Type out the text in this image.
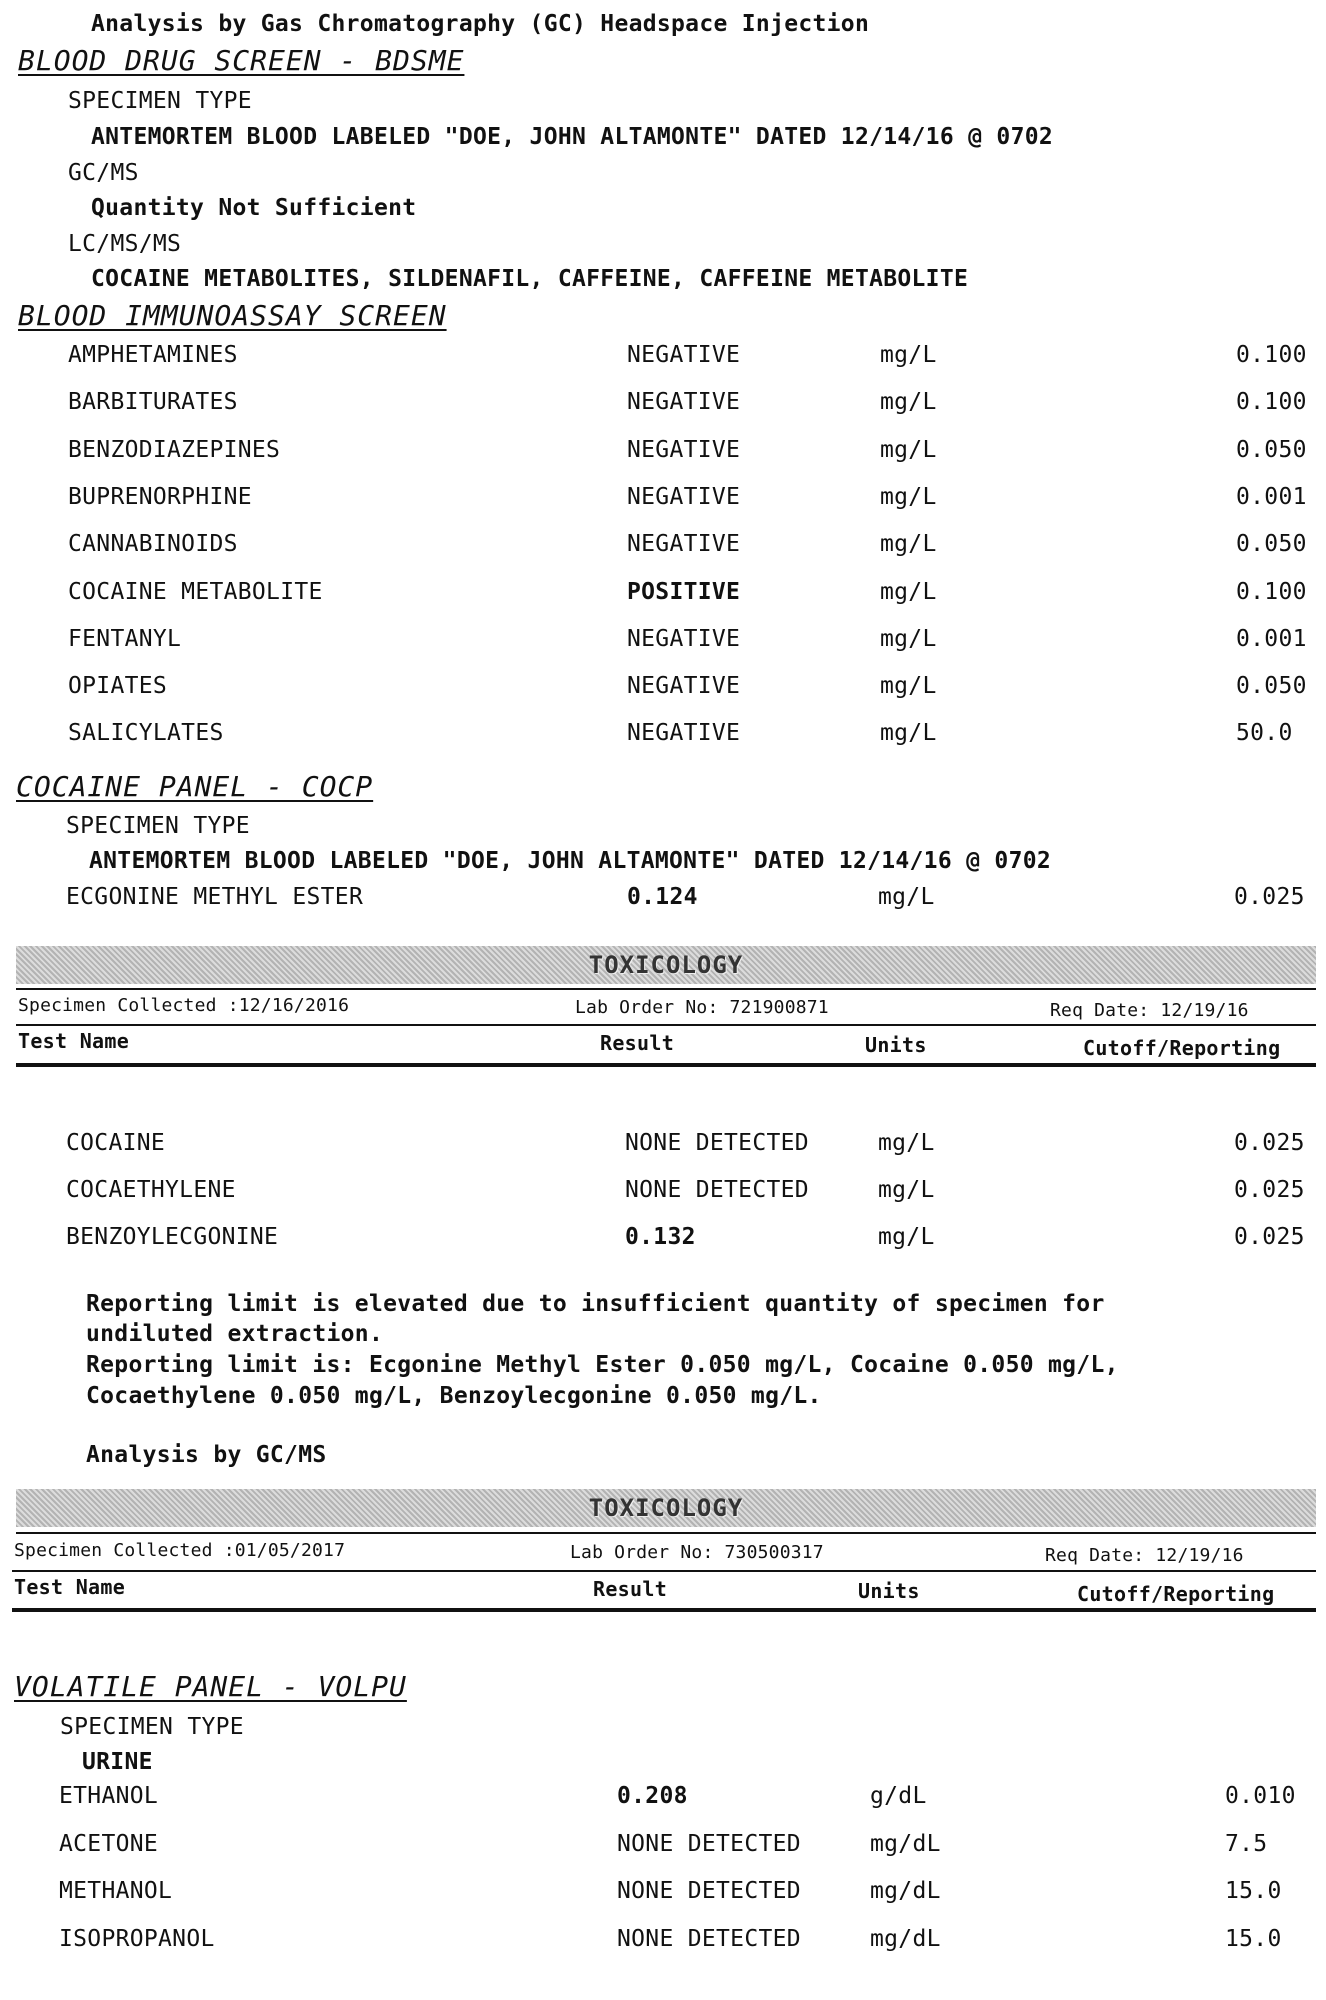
Analysis by Gas Chromatography (GC) Headspace Injection
BLOOD DRUG SCREEN - BDSME
SPECIMEN TYPE
ANTEMORTEM BLOOD LABELED "DOE, JOHN ALTAMONTE" DATED 12/14/16 @ 0702
GC/MS
Quantity Not Sufficient
LC/MS/MS
COCAINE METABOLITES, SILDENAFIL, CAFFEINE, CAFFEINE METABOLITE
BLOOD IMMUNOASSAY SCREEN
AMPHETAMINES	NEGATIVE	mg/L	0.100
BARBITURATES	NEGATIVE	mg/L	0.100
BENZODIAZEPINES	NEGATIVE	mg/L	0.050
BUPRENORPHINE	NEGATIVE	mg/L	0.001
CANNABINOIDS	NEGATIVE	mg/L	0.050
COCAINE METABOLITE	POSITIVE	mg/L	0.100
FENTANYL	NEGATIVE	mg/L	0.001
OPIATES	NEGATIVE	mg/L	0.050
SALICYLATES	NEGATIVE	mg/L	50.0
COCAINE PANEL - COCP
SPECIMEN TYPE
ANTEMORTEM BLOOD LABELED "DOE, JOHN ALTAMONTE" DATED 12/14/16 @ 0702
ECGONINE METHYL ESTER	0.124	mg/L	0.025
TOXICOLOGY
Specimen Collected :12/16/2016	Lab Order No: 721900871	Req Date: 12/19/16
Test Name	Result	Units	Cutoff/Reporting
COCAINE	NONE DETECTED	mg/L	0.025
COCAETHYLENE	NONE DETECTED	mg/L	0.025
BENZOYLECGONINE	0.132	mg/L	0.025
Reporting limit is elevated due to insufficient quantity of specimen for
undiluted extraction.
Reporting limit is: Ecgonine Methyl Ester 0.050 mg/L, Cocaine 0.050 mg/L,
Cocaethylene 0.050 mg/L, Benzoylecgonine 0.050 mg/L.
Analysis by GC/MS
TOXICOLOGY
Specimen Collected :01/05/2017	Lab Order No: 730500317	Req Date: 12/19/16
Test Name	Result	Units	Cutoff/Reporting
VOLATILE PANEL - VOLPU
SPECIMEN TYPE
URINE
ETHANOL	0.208	g/dL	0.010
ACETONE	NONE DETECTED	mg/dL	7.5
METHANOL	NONE DETECTED	mg/dL	15.0
ISOPROPANOL	NONE DETECTED	mg/dL	15.0
